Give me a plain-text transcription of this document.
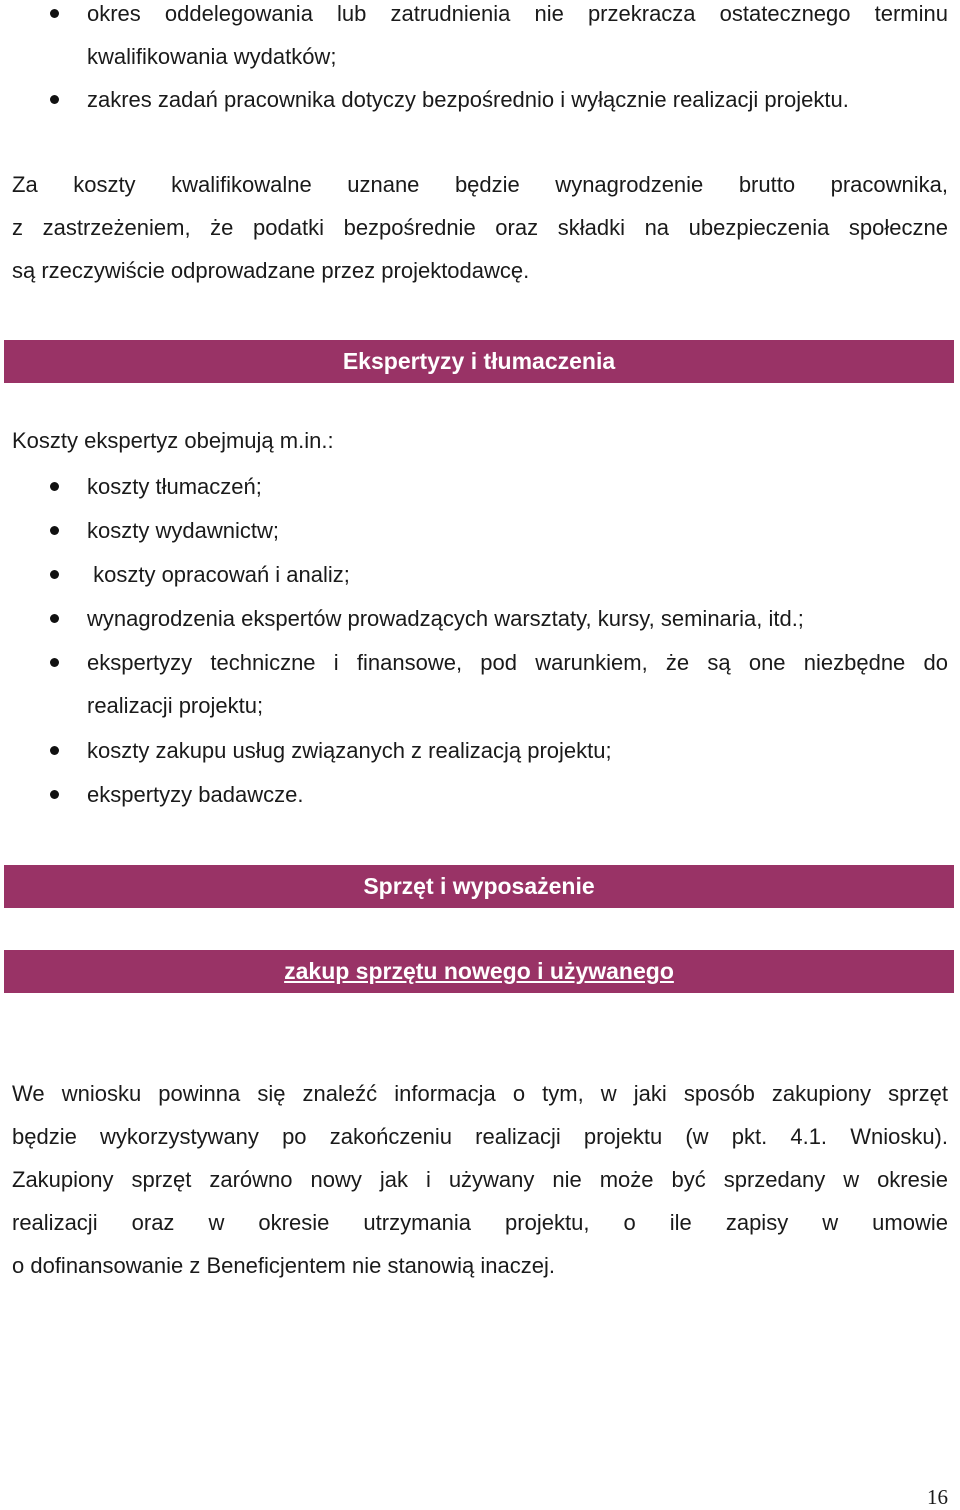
okres oddelegowania lub zatrudnienia nie przekracza ostatecznego terminu
kwalifikowania wydatków;
zakres zadań pracownika dotyczy bezpośrednio i wyłącznie realizacji projektu.
Za koszty kwalifikowalne uznane będzie wynagrodzenie brutto pracownika,
z zastrzeżeniem, że podatki bezpośrednie oraz składki na ubezpieczenia społeczne
są rzeczywiście odprowadzane przez projektodawcę.
Ekspertyzy i tłumaczenia
Koszty ekspertyz obejmują m.in.:
koszty tłumaczeń;
koszty wydawnictw;
koszty opracowań i analiz;
wynagrodzenia ekspertów prowadzących warsztaty, kursy, seminaria, itd.;
ekspertyzy techniczne i finansowe, pod warunkiem, że są one niezbędne do
realizacji projektu;
koszty zakupu usług związanych z realizacją projektu;
ekspertyzy badawcze.
Sprzęt i wyposażenie
zakup sprzętu nowego i używanego
We wniosku powinna się znaleźć informacja o tym, w jaki sposób zakupiony sprzęt
będzie wykorzystywany po zakończeniu realizacji projektu (w pkt. 4.1. Wniosku).
Zakupiony sprzęt zarówno nowy jak i używany nie może być sprzedany w okresie
realizacji oraz w okresie utrzymania projektu, o ile zapisy w umowie
o dofinansowanie z Beneficjentem nie stanowią inaczej.
16
